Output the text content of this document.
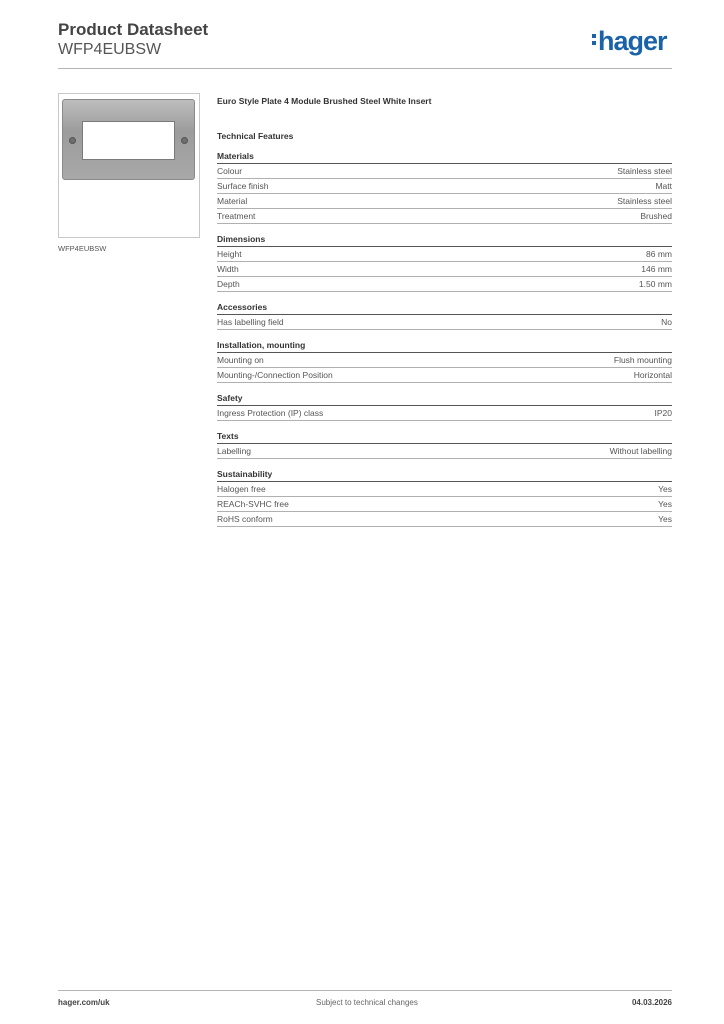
Product Datasheet
WFP4EUBSW	hager
WFP4EUBSW
Euro Style Plate 4 Module Brushed Steel White Insert
Technical Features
Materials
Colour	Stainless steel
Surface finish	Matt
Material	Stainless steel
Treatment	Brushed
Dimensions
Height	86 mm
Width	146 mm
Depth	1.50 mm
Accessories
Has labelling field	No
Installation, mounting
Mounting on	Flush mounting
Mounting-/Connection Position	Horizontal
Safety
Ingress Protection (IP) class	IP20
Texts
Labelling	Without labelling
Sustainability
Halogen free	Yes
REACh-SVHC free	Yes
RoHS conform	Yes
hager.com/uk	Subject to technical changes	04.03.2026
